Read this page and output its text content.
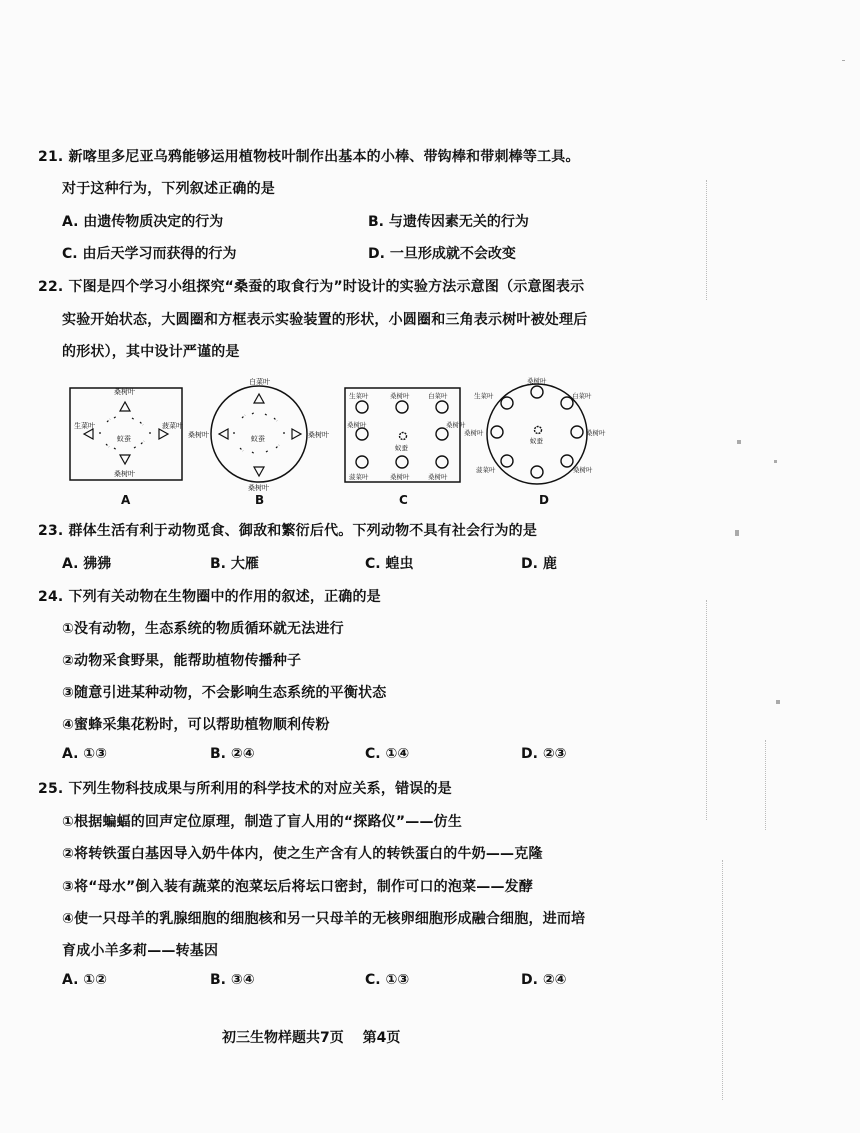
21. 新喀里多尼亚乌鸦能够运用植物枝叶制作出基本的小棒、带钩棒和带刺棒等工具。
对于这种行为，下列叙述正确的是
A. 由遗传物质决定的行为	B. 与遗传因素无关的行为
C. 由后天学习而获得的行为	D. 一旦形成就不会改变
22. 下图是四个学习小组探究“桑蚕的取食行为”时设计的实验方法示意图（示意图表示
实验开始状态，大圆圈和方框表示实验装置的形状，小圆圈和三角表示树叶被处理后
的形状），其中设计严谨的是
桑树叶
桑树叶
生菜叶	菠菜叶
蚁蚕
白菜叶
桑树叶
桑树叶	桑树叶
蚁蚕
生菜叶	桑树叶	白菜叶
桑树叶	桑树叶
菠菜叶	桑树叶	桑树叶
蚁蚕
桑树叶
白菜叶
桑树叶
桑树叶
生菜叶
桑树叶
菠菜叶
蚁蚕
A	B	C	D
23. 群体生活有利于动物觅食、御敌和繁衍后代。下列动物不具有社会行为的是
A. 狒狒	B. 大雁	C. 蝗虫	D. 鹿
24. 下列有关动物在生物圈中的作用的叙述，正确的是
①没有动物，生态系统的物质循环就无法进行
②动物采食野果，能帮助植物传播种子
③随意引进某种动物，不会影响生态系统的平衡状态
④蜜蜂采集花粉时，可以帮助植物顺利传粉
A. ①③	B. ②④	C. ①④	D. ②③
25. 下列生物科技成果与所利用的科学技术的对应关系，错误的是
①根据蝙蝠的回声定位原理，制造了盲人用的“探路仪”——仿生
②将转铁蛋白基因导入奶牛体内，使之生产含有人的转铁蛋白的牛奶——克隆
③将“母水”倒入装有蔬菜的泡菜坛后将坛口密封，制作可口的泡菜——发酵
④使一只母羊的乳腺细胞的细胞核和另一只母羊的无核卵细胞形成融合细胞，进而培
育成小羊多莉——转基因
A. ①②	B. ③④	C. ①③	D. ②④
初三生物样题共7页 第4页
